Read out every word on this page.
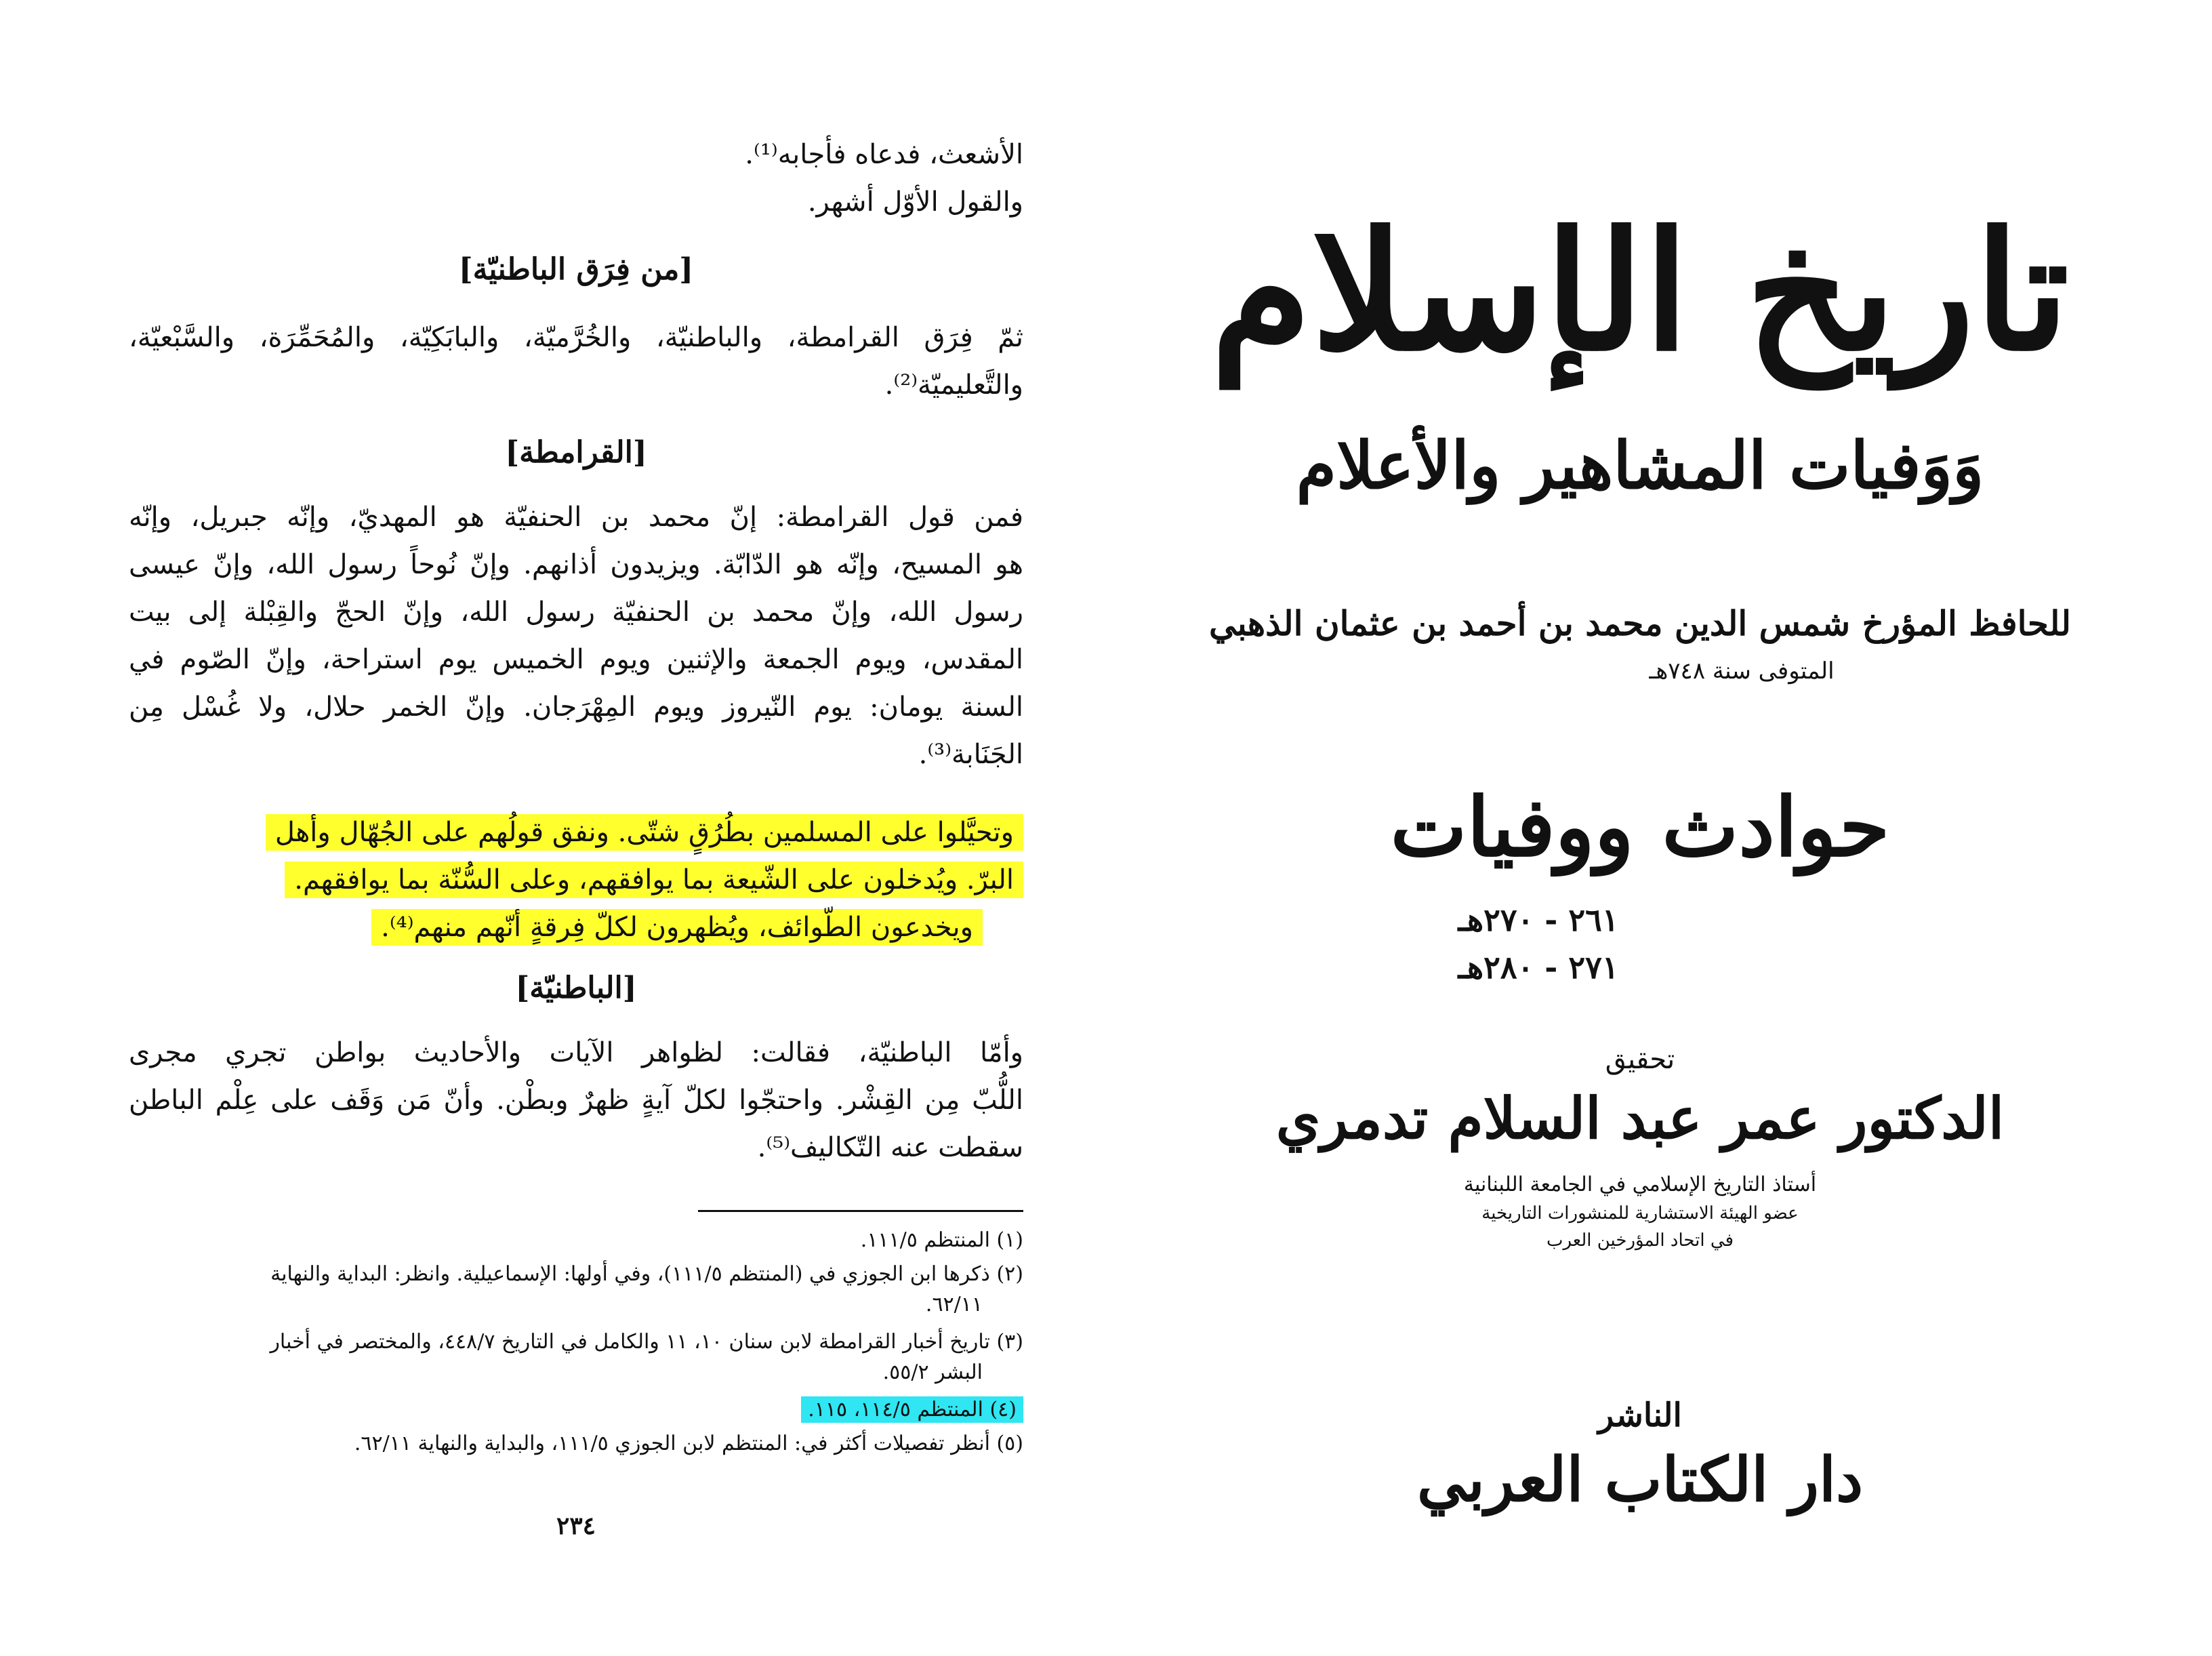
الأشعث، فدعاه فأجابه⁽¹⁾.
والقول الأوّل أشهر.
[من فِرَق الباطنيّة]
ثمّ فِرَق القرامطة، والباطنيّة، والخُرَّميّة، والبابَكِيّة، والمُحَمِّرَة، والسَّبْعيّة،
والتَّعليميّة⁽²⁾.
[القرامطة]
فمن قول القرامطة: إنّ محمد بن الحنفيّة هو المهديّ، وإنّه جبريل، وإنّه
هو المسيح، وإنّه هو الدّابّة. ويزيدون أذانهم. وإنّ نُوحاً رسول الله، وإنّ عيسى
رسول الله، وإنّ محمد بن الحنفيّة رسول الله، وإنّ الحجّ والقِبْلة إلى بيت
المقدس، ويوم الجمعة والإثنين ويوم الخميس يوم استراحة، وإنّ الصّوم في
السنة يومان: يوم النّيروز ويوم المِهْرَجان. وإنّ الخمر حلال، ولا غُسْل مِن
الجَنَابة⁽³⁾.
وتحيَّلوا على المسلمين بطُرُقٍ شتّى. ونفق قولُهم على الجُهّال وأهل
البرّ. ويُدخلون على الشّيعة بما يوافقهم، وعلى السُّنّة بما يوافقهم.
ويخدعون الطّوائف، ويُظهرون لكلّ فِرقةٍ أنّهم منهم⁽⁴⁾.
[الباطنيّة]
وأمّا الباطنيّة، فقالت: لظواهر الآيات والأحاديث بواطن تجري مجرى
اللُّبّ مِن القِشْر. واحتجّوا لكلّ آيةٍ ظهرٌ وبطْن. وأنّ مَن وَقَف على عِلْم الباطن
سقطت عنه التّكاليف⁽⁵⁾.
(١) المنتظم ١١١/٥.
(٢) ذكرها ابن الجوزي في (المنتظم ١١١/٥)، وفي أولها: الإسماعيلية. وانظر: البداية والنهاية
٦٢/١١.
(٣) تاريخ أخبار القرامطة لابن سنان ١٠، ١١ والكامل في التاريخ ٤٤٨/٧، والمختصر في أخبار
البشر ٥٥/٢.
(٤) المنتظم ١١٤/٥، ١١٥.
(٥) أنظر تفصيلات أكثر في: المنتظم لابن الجوزي ١١١/٥، والبداية والنهاية ٦٢/١١.
٢٣٤
تاريخ الإسلام
وَوَفيات المشاهير والأعلام
للحافظ المؤرخ شمس الدين محمد بن أحمد بن عثمان الذهبي
المتوفى سنة ٧٤٨هـ
حوادث ووفيات
٢٦١ - ٢٧٠هـ
٢٧١ - ٢٨٠هـ
تحقيق
الدكتور عمر عبد السلام تدمري
أستاذ التاريخ الإسلامي في الجامعة اللبنانية
عضو الهيئة الاستشارية للمنشورات التاريخية
في اتحاد المؤرخين العرب
الناشر
دار الكتاب العربي
